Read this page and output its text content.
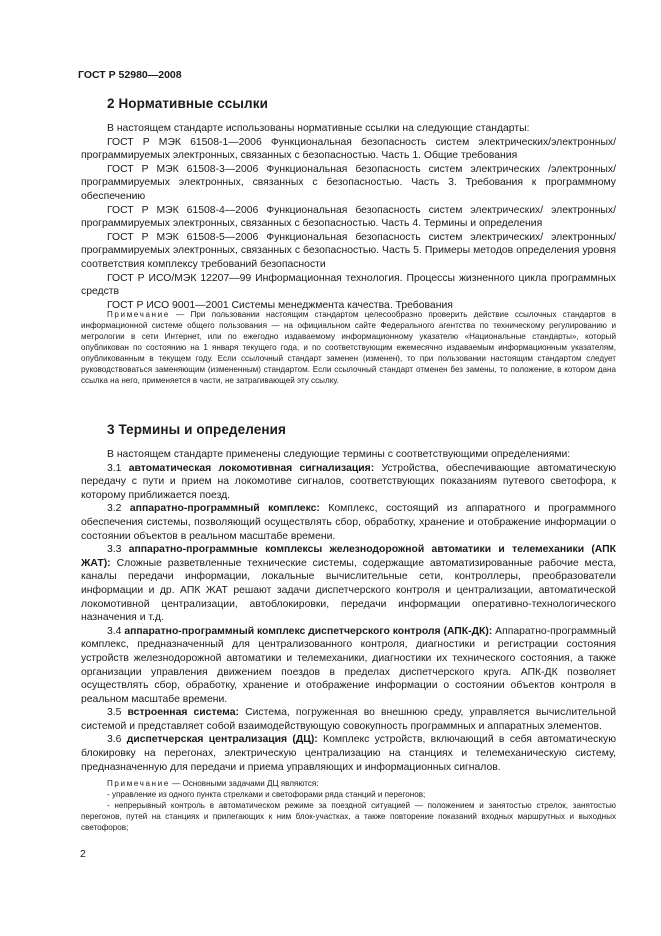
ГОСТ Р 52980—2008
2 Нормативные ссылки

В настоящем стандарте использованы нормативные ссылки на следующие стандарты:

ГОСТ Р МЭК 61508-1—2006 Функциональная безопасность систем электрических/электронных/программируемых электронных, связанных с безопасностью. Часть 1. Общие требования

ГОСТ Р МЭК 61508-3—2006 Функциональная безопасность систем электрических /электронных/программируемых электронных, связанных с безопасностью. Часть 3. Требования к программному обеспечению

ГОСТ Р МЭК 61508-4—2006 Функциональная безопасность систем электрических/ электронных/программируемых электронных, связанных с безопасностью. Часть 4. Термины и определения

ГОСТ Р МЭК 61508-5—2006 Функциональная безопасность систем электрических/ электронных/программируемых электронных, связанных с безопасностью. Часть 5. Примеры методов определения уровня соответствия комплексу требований безопасности

ГОСТ Р ИСО/МЭК 12207—99 Информационная технология. Процессы жизненного цикла программных средств

ГОСТ Р ИСО 9001—2001 Системы менеджмента качества. Требования

Примечание — При пользовании настоящим стандартом целесообразно проверить действие ссылочных стандартов в информационной системе общего пользования — на официальном сайте Федерального агентства по техническому регулированию и метрологии в сети Интернет, или по ежегодно издаваемому информационному указателю «Национальные стандарты», который опубликован по состоянию на 1 января текущего года, и по соответствующим ежемесячно издаваемым информационным указателям, опубликованным в текущем году. Если ссылочный стандарт заменен (изменен), то при пользовании настоящим стандартом следует руководствоваться заменяющим (измененным) стандартом. Если ссылочный стандарт отменен без замены, то положение, в котором дана ссылка на него, применяется в части, не затрагивающей эту ссылку.

3 Термины и определения

В настоящем стандарте применены следующие термины с соответствующими определениями:

3.1 автоматическая локомотивная сигнализация: Устройства, обеспечивающие автоматическую передачу с пути и прием на локомотиве сигналов, соответствующих показаниям путевого светофора, к которому приближается поезд.

3.2 аппаратно-программный комплекс: Комплекс, состоящий из аппаратного и программного обеспечения системы, позволяющий осуществлять сбор, обработку, хранение и отображение информации о состоянии объектов в реальном масштабе времени.

3.3 аппаратно-программные комплексы железнодорожной автоматики и телемеханики (АПК ЖАТ): Сложные разветвленные технические системы, содержащие автоматизированные рабочие места, каналы передачи информации, локальные вычислительные сети, контроллеры, преобразователи информации и др. АПК ЖАТ решают задачи диспетчерского контроля и централизации, автоматической локомотивной централизации, автоблокировки, передачи информации оперативно-технологического назначения и т.д.

3.4 аппаратно-программный комплекс диспетчерского контроля (АПК-ДК): Аппаратно-программный комплекс, предназначенный для централизованного контроля, диагностики и регистрации состояния устройств железнодорожной автоматики и телемеханики, диагностики их технического состояния, а также организации управления движением поездов в пределах диспетчерского круга. АПК-ДК позволяет осуществлять сбор, обработку, хранение и отображение информации о состоянии объектов контроля в реальном масштабе времени.

3.5 встроенная система: Система, погруженная во внешнюю среду, управляется вычислительной системой и представляет собой взаимодействующую совокупность программных и аппаратных элементов.

3.6 диспетчерская централизация (ДЦ): Комплекс устройств, включающий в себя автоматическую блокировку на перегонах, электрическую централизацию на станциях и телемеханическую систему, предназначенную для передачи и приема управляющих и информационных сигналов.

Примечание — Основными задачами ДЦ являются:

- управление из одного пункта стрелками и светофорами ряда станций и перегонов;

- непрерывный контроль в автоматическом режиме за поездной ситуацией — положением и занятостью стрелок, занятостью перегонов, путей на станциях и прилегающих к ним блок-участках, а также повторение показаний входных маршрутных и выходных светофоров;

2
